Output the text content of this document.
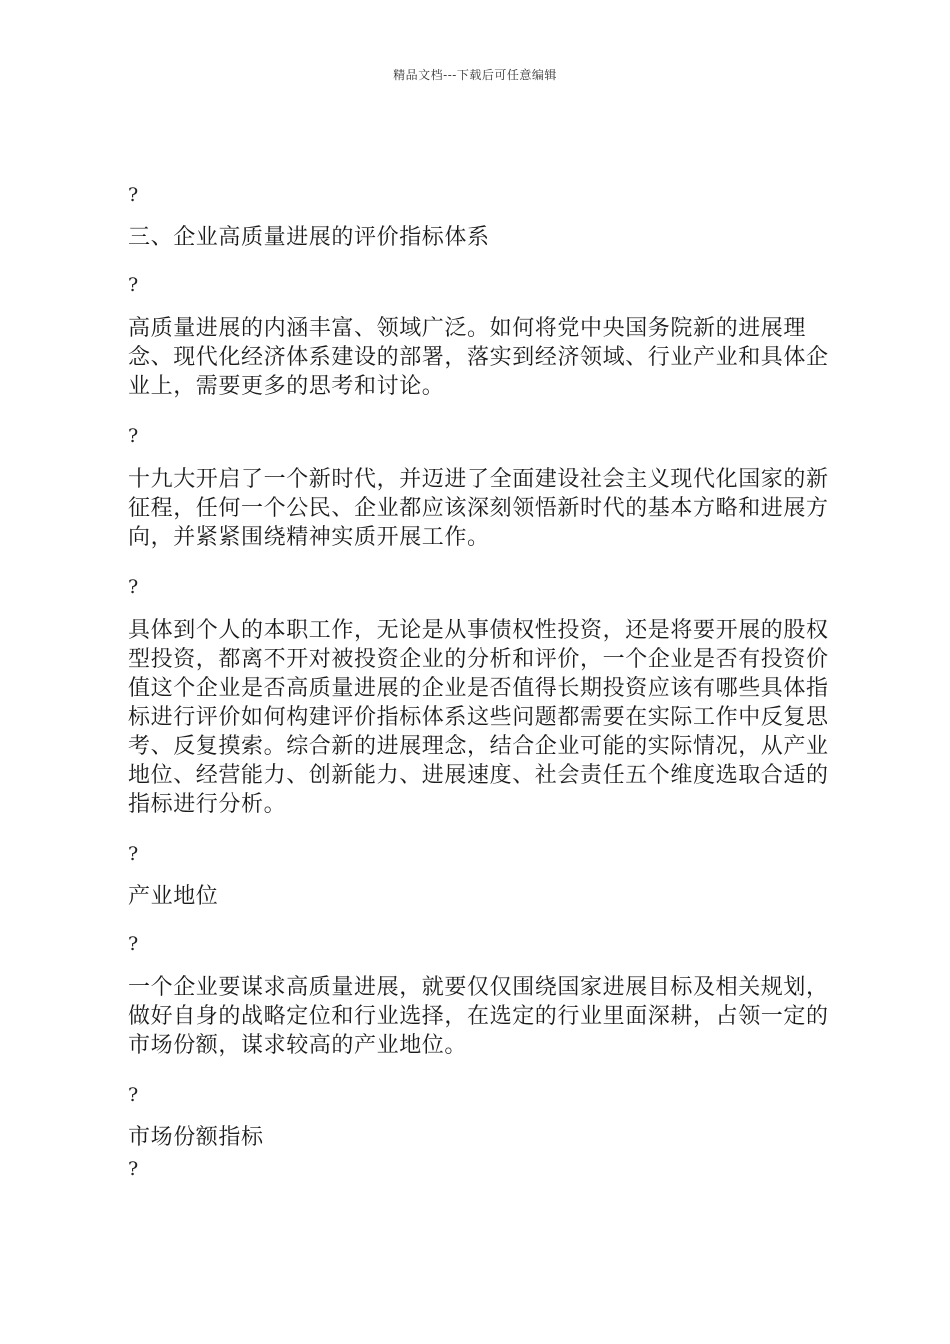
精品文档---下载后可任意编辑
?
三、企业高质量进展的评价指标体系
?
高质量进展的内涵丰富、领域广泛。如何将党中央国务院新的进展理念、现代化经济体系建设的部署，落实到经济领域、行业产业和具体企业上，需要更多的思考和讨论。
?
十九大开启了一个新时代，并迈进了全面建设社会主义现代化国家的新征程，任何一个公民、企业都应该深刻领悟新时代的基本方略和进展方向，并紧紧围绕精神实质开展工作。
?
具体到个人的本职工作，无论是从事债权性投资，还是将要开展的股权型投资，都离不开对被投资企业的分析和评价，一个企业是否有投资价值这个企业是否高质量进展的企业是否值得长期投资应该有哪些具体指标进行评价如何构建评价指标体系这些问题都需要在实际工作中反复思考、反复摸索。综合新的进展理念，结合企业可能的实际情况，从产业地位、经营能力、创新能力、进展速度、社会责任五个维度选取合适的指标进行分析。
?
产业地位
?
一个企业要谋求高质量进展，就要仅仅围绕国家进展目标及相关规划，做好自身的战略定位和行业选择，在选定的行业里面深耕，占领一定的市场份额，谋求较高的产业地位。
?
市场份额指标
?
